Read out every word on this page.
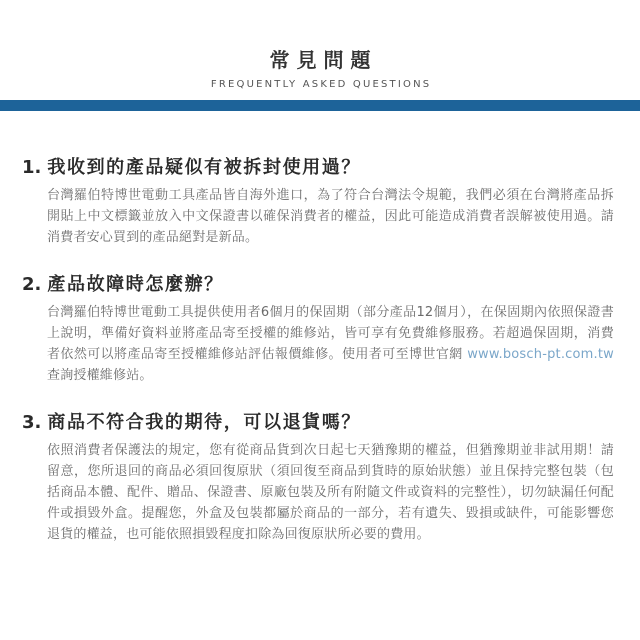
常見問題
FREQUENTLY ASKED QUESTIONS
1. 我收到的產品疑似有被拆封使用過？

台灣羅伯特博世電動工具產品皆自海外進口，為了符合台灣法令規範，我們必須在台灣將產品拆開貼上中文標籤並放入中文保證書以確保消費者的權益，因此可能造成消費者誤解被使用過。請消費者安心買到的產品絕對是新品。

2. 產品故障時怎麼辦？

台灣羅伯特博世電動工具提供使用者6個月的保固期（部分產品12個月），在保固期內依照保證書上說明，準備好資料並將產品寄至授權的維修站，皆可享有免費維修服務。若超過保固期，消費者依然可以將產品寄至授權維修站評估報價維修。使用者可至博世官網 www.bosch-pt.com.tw 查詢授權維修站。

3. 商品不符合我的期待，可以退貨嗎？

依照消費者保護法的規定，您有從商品貨到次日起七天猶豫期的權益，但猶豫期並非試用期！請留意，您所退回的商品必須回復原狀（須回復至商品到貨時的原始狀態）並且保持完整包裝（包括商品本體、配件、贈品、保證書、原廠包裝及所有附隨文件或資料的完整性），切勿缺漏任何配件或損毀外盒。提醒您，外盒及包裝都屬於商品的一部分，若有遺失、毀損或缺件，可能影響您退貨的權益，也可能依照損毀程度扣除為回復原狀所必要的費用。
